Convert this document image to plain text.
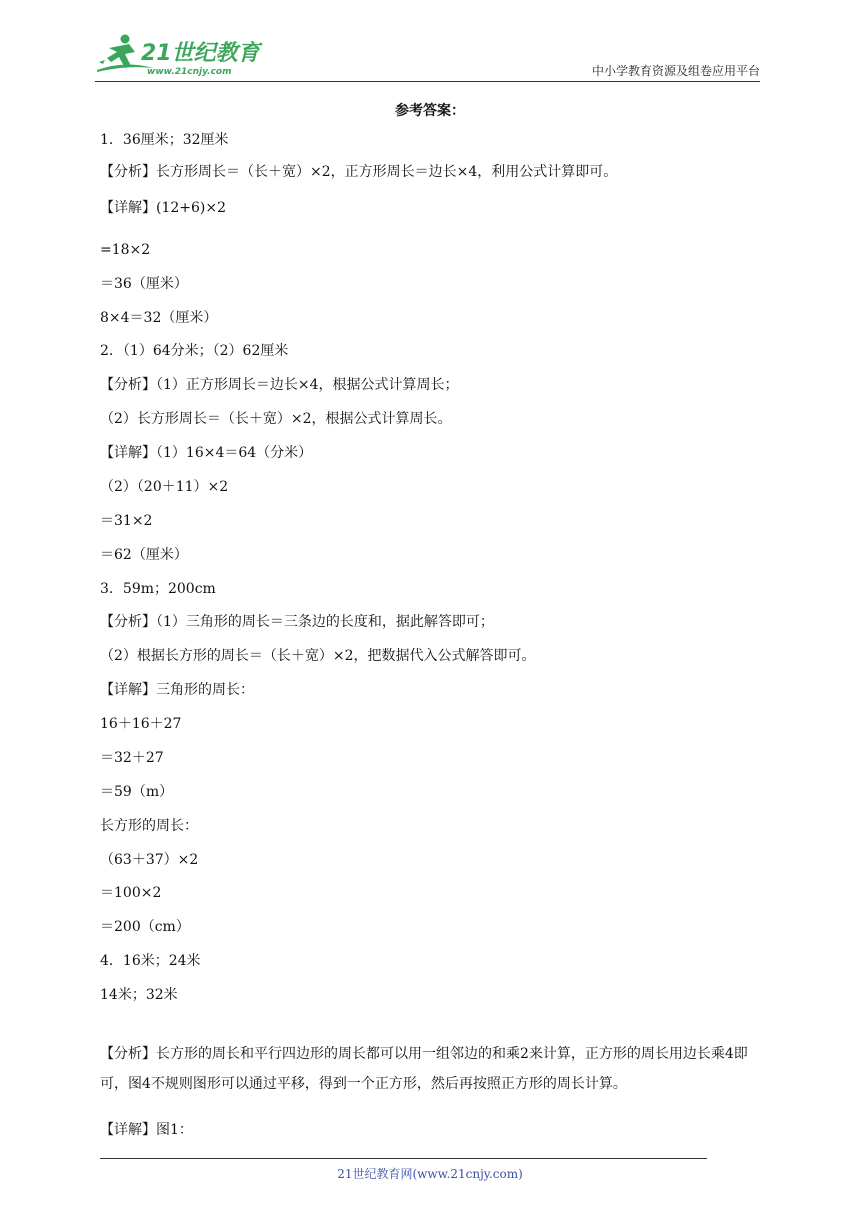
21世纪教育
www.21cnjy.com	中小学教育资源及组卷应用平台
参考答案：
1．36厘米；32厘米
【分析】长方形周长＝（长＋宽）×2，正方形周长＝边长×4，利用公式计算即可。
【详解】(12+6)×2
=18×2
＝36（厘米）
8×4＝32（厘米）
2．（1）64分米；（2）62厘米
【分析】（1）正方形周长＝边长×4，根据公式计算周长；
（2）长方形周长＝（长＋宽）×2，根据公式计算周长。
【详解】（1）16×4＝64（分米）
（2）（20＋11）×2
＝31×2
＝62（厘米）
3．59m；200cm
【分析】（1）三角形的周长＝三条边的长度和，据此解答即可；
（2）根据长方形的周长＝（长＋宽）×2，把数据代入公式解答即可。
【详解】三角形的周长：
16＋16＋27
＝32＋27
＝59（m）
长方形的周长：
（63＋37）×2
＝100×2
＝200（cm）
4．16米；24米
14米；32米
【分析】长方形的周长和平行四边形的周长都可以用一组邻边的和乘2来计算，正方形的周长用边长乘4即可，图4不规则图形可以通过平移，得到一个正方形，然后再按照正方形的周长计算。
【详解】图1：
21世纪教育网(www.21cnjy.com)
